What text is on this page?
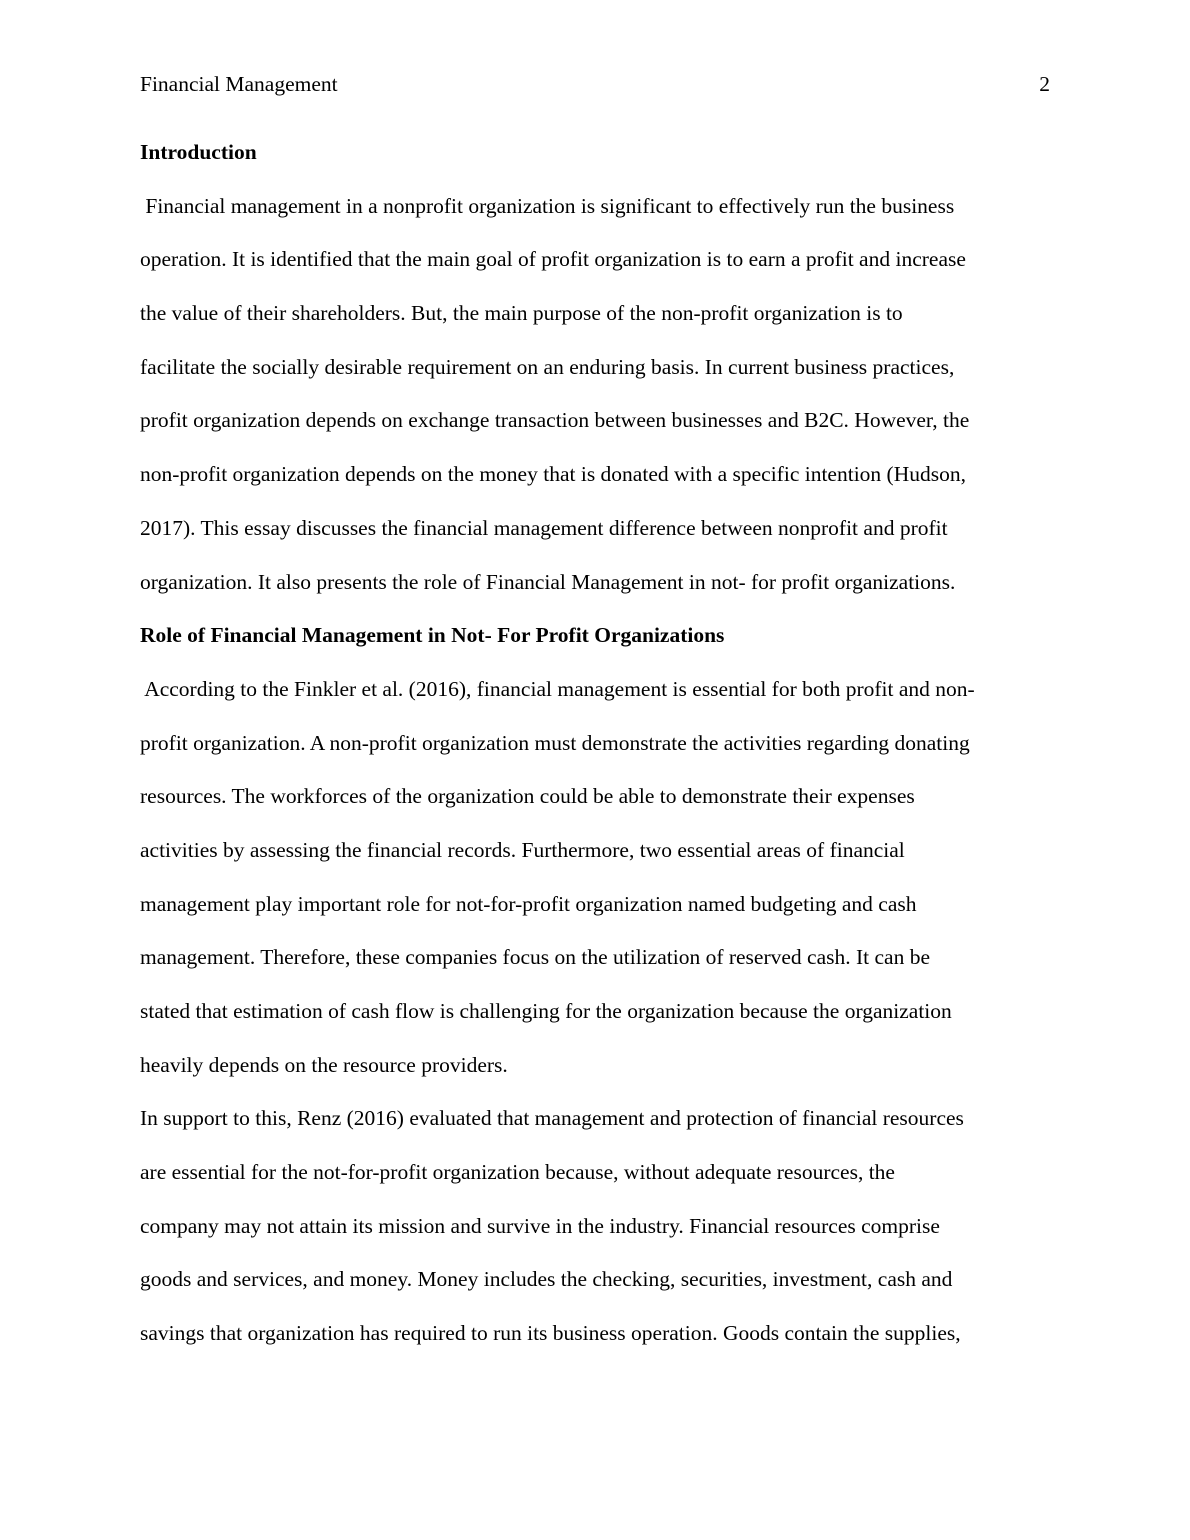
Financial Management	2
Introduction
Financial management in a nonprofit organization is significant to effectively run the business
operation. It is identified that the main goal of profit organization is to earn a profit and increase
the value of their shareholders. But, the main purpose of the non-profit organization is to
facilitate the socially desirable requirement on an enduring basis. In current business practices,
profit organization depends on exchange transaction between businesses and B2C. However, the
non-profit organization depends on the money that is donated with a specific intention (Hudson,
2017). This essay discusses the financial management difference between nonprofit and profit
organization. It also presents the role of Financial Management in not- for profit organizations.
Role of Financial Management in Not- For Profit Organizations
According to the Finkler et al. (2016), financial management is essential for both profit and non-
profit organization. A non-profit organization must demonstrate the activities regarding donating
resources. The workforces of the organization could be able to demonstrate their expenses
activities by assessing the financial records. Furthermore, two essential areas of financial
management play important role for not-for-profit organization named budgeting and cash
management. Therefore, these companies focus on the utilization of reserved cash. It can be
stated that estimation of cash flow is challenging for the organization because the organization
heavily depends on the resource providers.
In support to this, Renz (2016) evaluated that management and protection of financial resources
are essential for the not-for-profit organization because, without adequate resources, the
company may not attain its mission and survive in the industry. Financial resources comprise
goods and services, and money. Money includes the checking, securities, investment, cash and
savings that organization has required to run its business operation. Goods contain the supplies,
